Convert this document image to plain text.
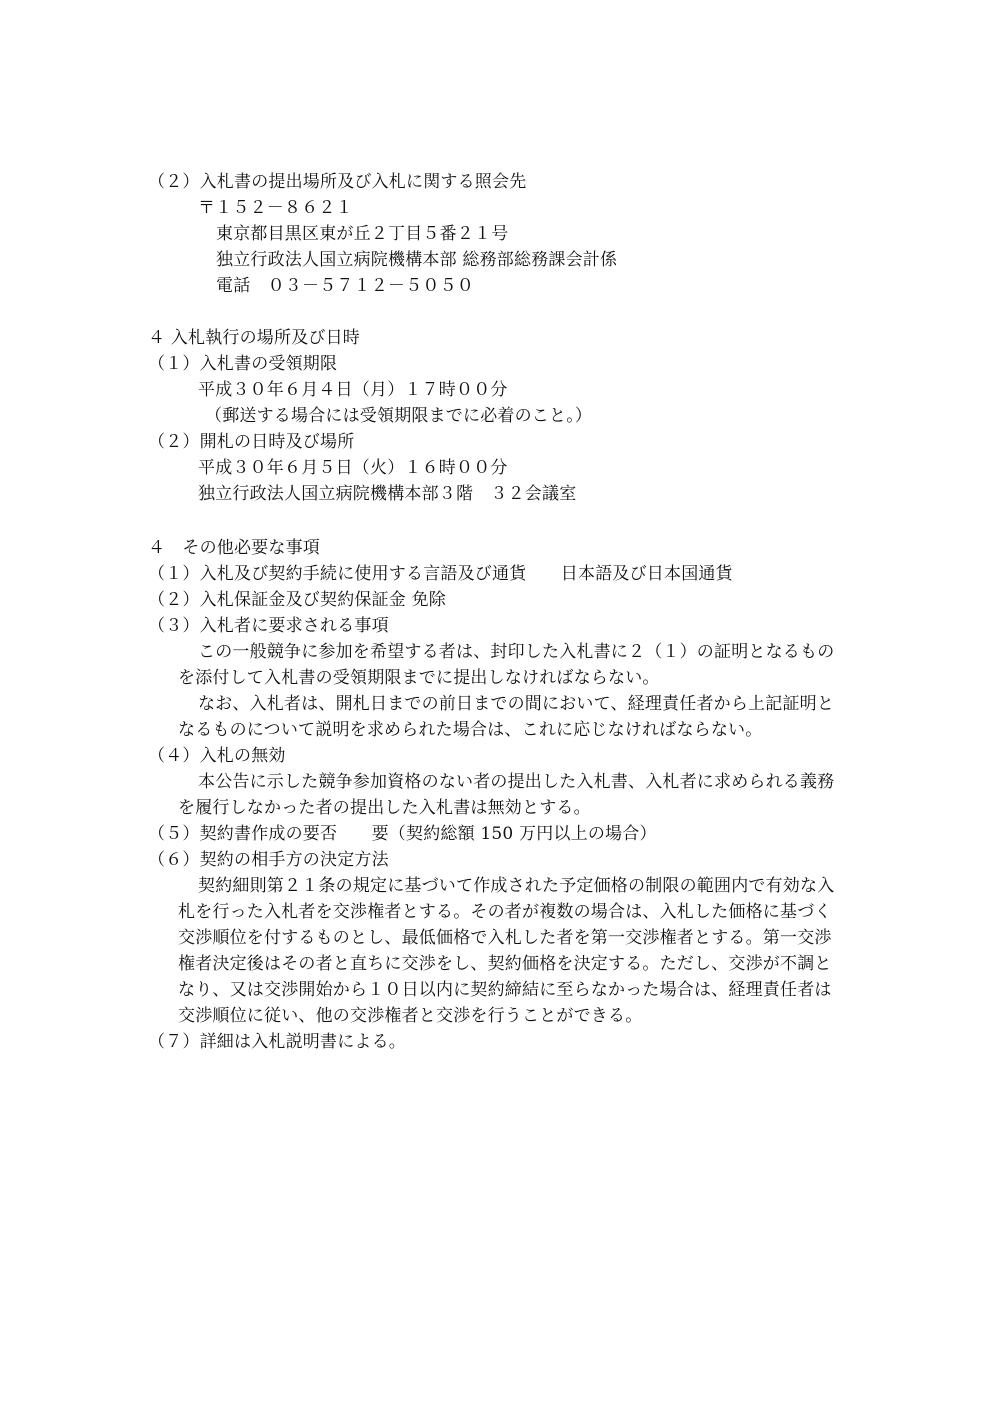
（２）入札書の提出場所及び入札に関する照会先
〒１５２－８６２１
東京都目黒区東が丘２丁目５番２１号
独立行政法人国立病院機構本部 総務部総務課会計係
電話　０３－５７１２－５０５０
４ 入札執行の場所及び日時
（１）入札書の受領期限
平成３０年６月４日（月）１７時００分
（郵送する場合には受領期限までに必着のこと。）
（２）開札の日時及び場所
平成３０年６月５日（火）１６時００分
独立行政法人国立病院機構本部３階　３２会議室
４　その他必要な事項
（１）入札及び契約手続に使用する言語及び通貨　　日本語及び日本国通貨
（２）入札保証金及び契約保証金 免除
（３）入札者に要求される事項
この一般競争に参加を希望する者は、封印した入札書に２（１）の証明となるもの
を添付して入札書の受領期限までに提出しなければならない。
なお、入札者は、開札日までの前日までの間において、経理責任者から上記証明と
なるものについて説明を求められた場合は、これに応じなければならない。
（４）入札の無効
本公告に示した競争参加資格のない者の提出した入札書、入札者に求められる義務
を履行しなかった者の提出した入札書は無効とする。
（５）契約書作成の要否　　要（契約総額 150 万円以上の場合）
（６）契約の相手方の決定方法
契約細則第２１条の規定に基づいて作成された予定価格の制限の範囲内で有効な入
札を行った入札者を交渉権者とする。その者が複数の場合は、入札した価格に基づく
交渉順位を付するものとし、最低価格で入札した者を第一交渉権者とする。第一交渉
権者決定後はその者と直ちに交渉をし、契約価格を決定する。ただし、交渉が不調と
なり、又は交渉開始から１０日以内に契約締結に至らなかった場合は、経理責任者は
交渉順位に従い、他の交渉権者と交渉を行うことができる。
（７）詳細は入札説明書による。
